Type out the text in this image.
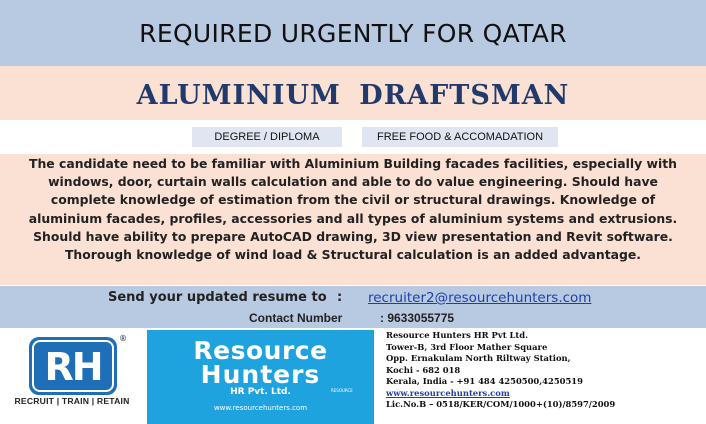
REQUIRED URGENTLY FOR QATAR
ALUMINIUM DRAFTSMAN
DEGREE / DIPLOMA	FREE FOOD & ACCOMADATION
The candidate need to be familiar with Aluminium Building facades facilities, especially with
windows, door, curtain walls calculation and able to do value engineering. Should have
complete knowledge of estimation from the civil or structural drawings. Knowledge of
aluminium facades, profiles, accessories and all types of aluminium systems and extrusions.
Should have ability to prepare AutoCAD drawing, 3D view presentation and Revit software.
Thorough knowledge of wind load & Structural calculation is an added advantage.
Send your updated resume to : recruiter2@resourcehunters.com
Contact Number	: 9633055775
RH
®
RECRUIT | TRAIN | RETAIN
Resource
Hunters
HR Pvt. Ltd.	RESOURCE
www.resourcehunters.com
Resource Hunters HR Pvt Ltd.
Tower-B, 3rd Floor Mather Square
Opp. Ernakulam North Riltway Station,
Kochi - 682 018
Kerala, India - +91 484 4250500,4250519
www.resourcehunters.com
Lic.No.B – 0518/KER/COM/1000+(10)/8597/2009
